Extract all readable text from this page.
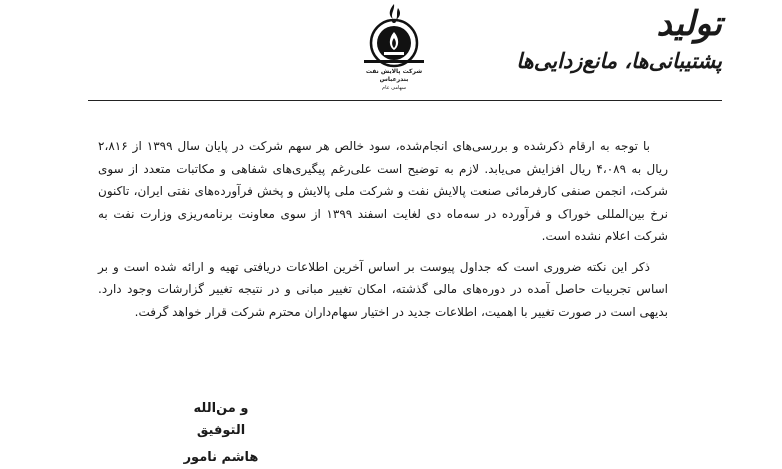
تولید
پشتیبانی‌ها، مانع‌زدایی‌ها
شرکت پالایش نفت بندرعباس
سهامی عام

با توجه به ارقام ذکرشده و بررسی‌های انجام‌شده، سود خالص هر سهم شرکت در پایان سال ۱۳۹۹ از ۲،۸۱۶ ریال به ۴،۰۸۹ ریال افزایش می‌یابد. لازم به توضیح است علی‌رغم پیگیری‌های شفاهی و مکاتبات متعدد از سوی شرکت، انجمن صنفی کارفرمائی صنعت پالایش نفت و شرکت ملی پالایش و پخش فرآورده‌های نفتی ایران، تاکنون نرخ بین‌المللی خوراک و فرآورده در سه‌ماه دی لغایت اسفند ۱۳۹۹ از سوی معاونت برنامه‌ریزی وزارت نفت به شرکت اعلام نشده است.

ذکر این نکته ضروری است که جداول پیوست بر اساس آخرین اطلاعات دریافتی تهیه و ارائه شده است و بر اساس تجربیات حاصل آمده در دوره‌های مالی گذشته، امکان تغییر مبانی و در نتیجه تغییر گزارشات وجود دارد. بدیهی است در صورت تغییر با اهمیت، اطلاعات جدید در اختیار سهام‌داران محترم شرکت قرار خواهد گرفت.

و من‌الله التوفیق
هاشم نامور
